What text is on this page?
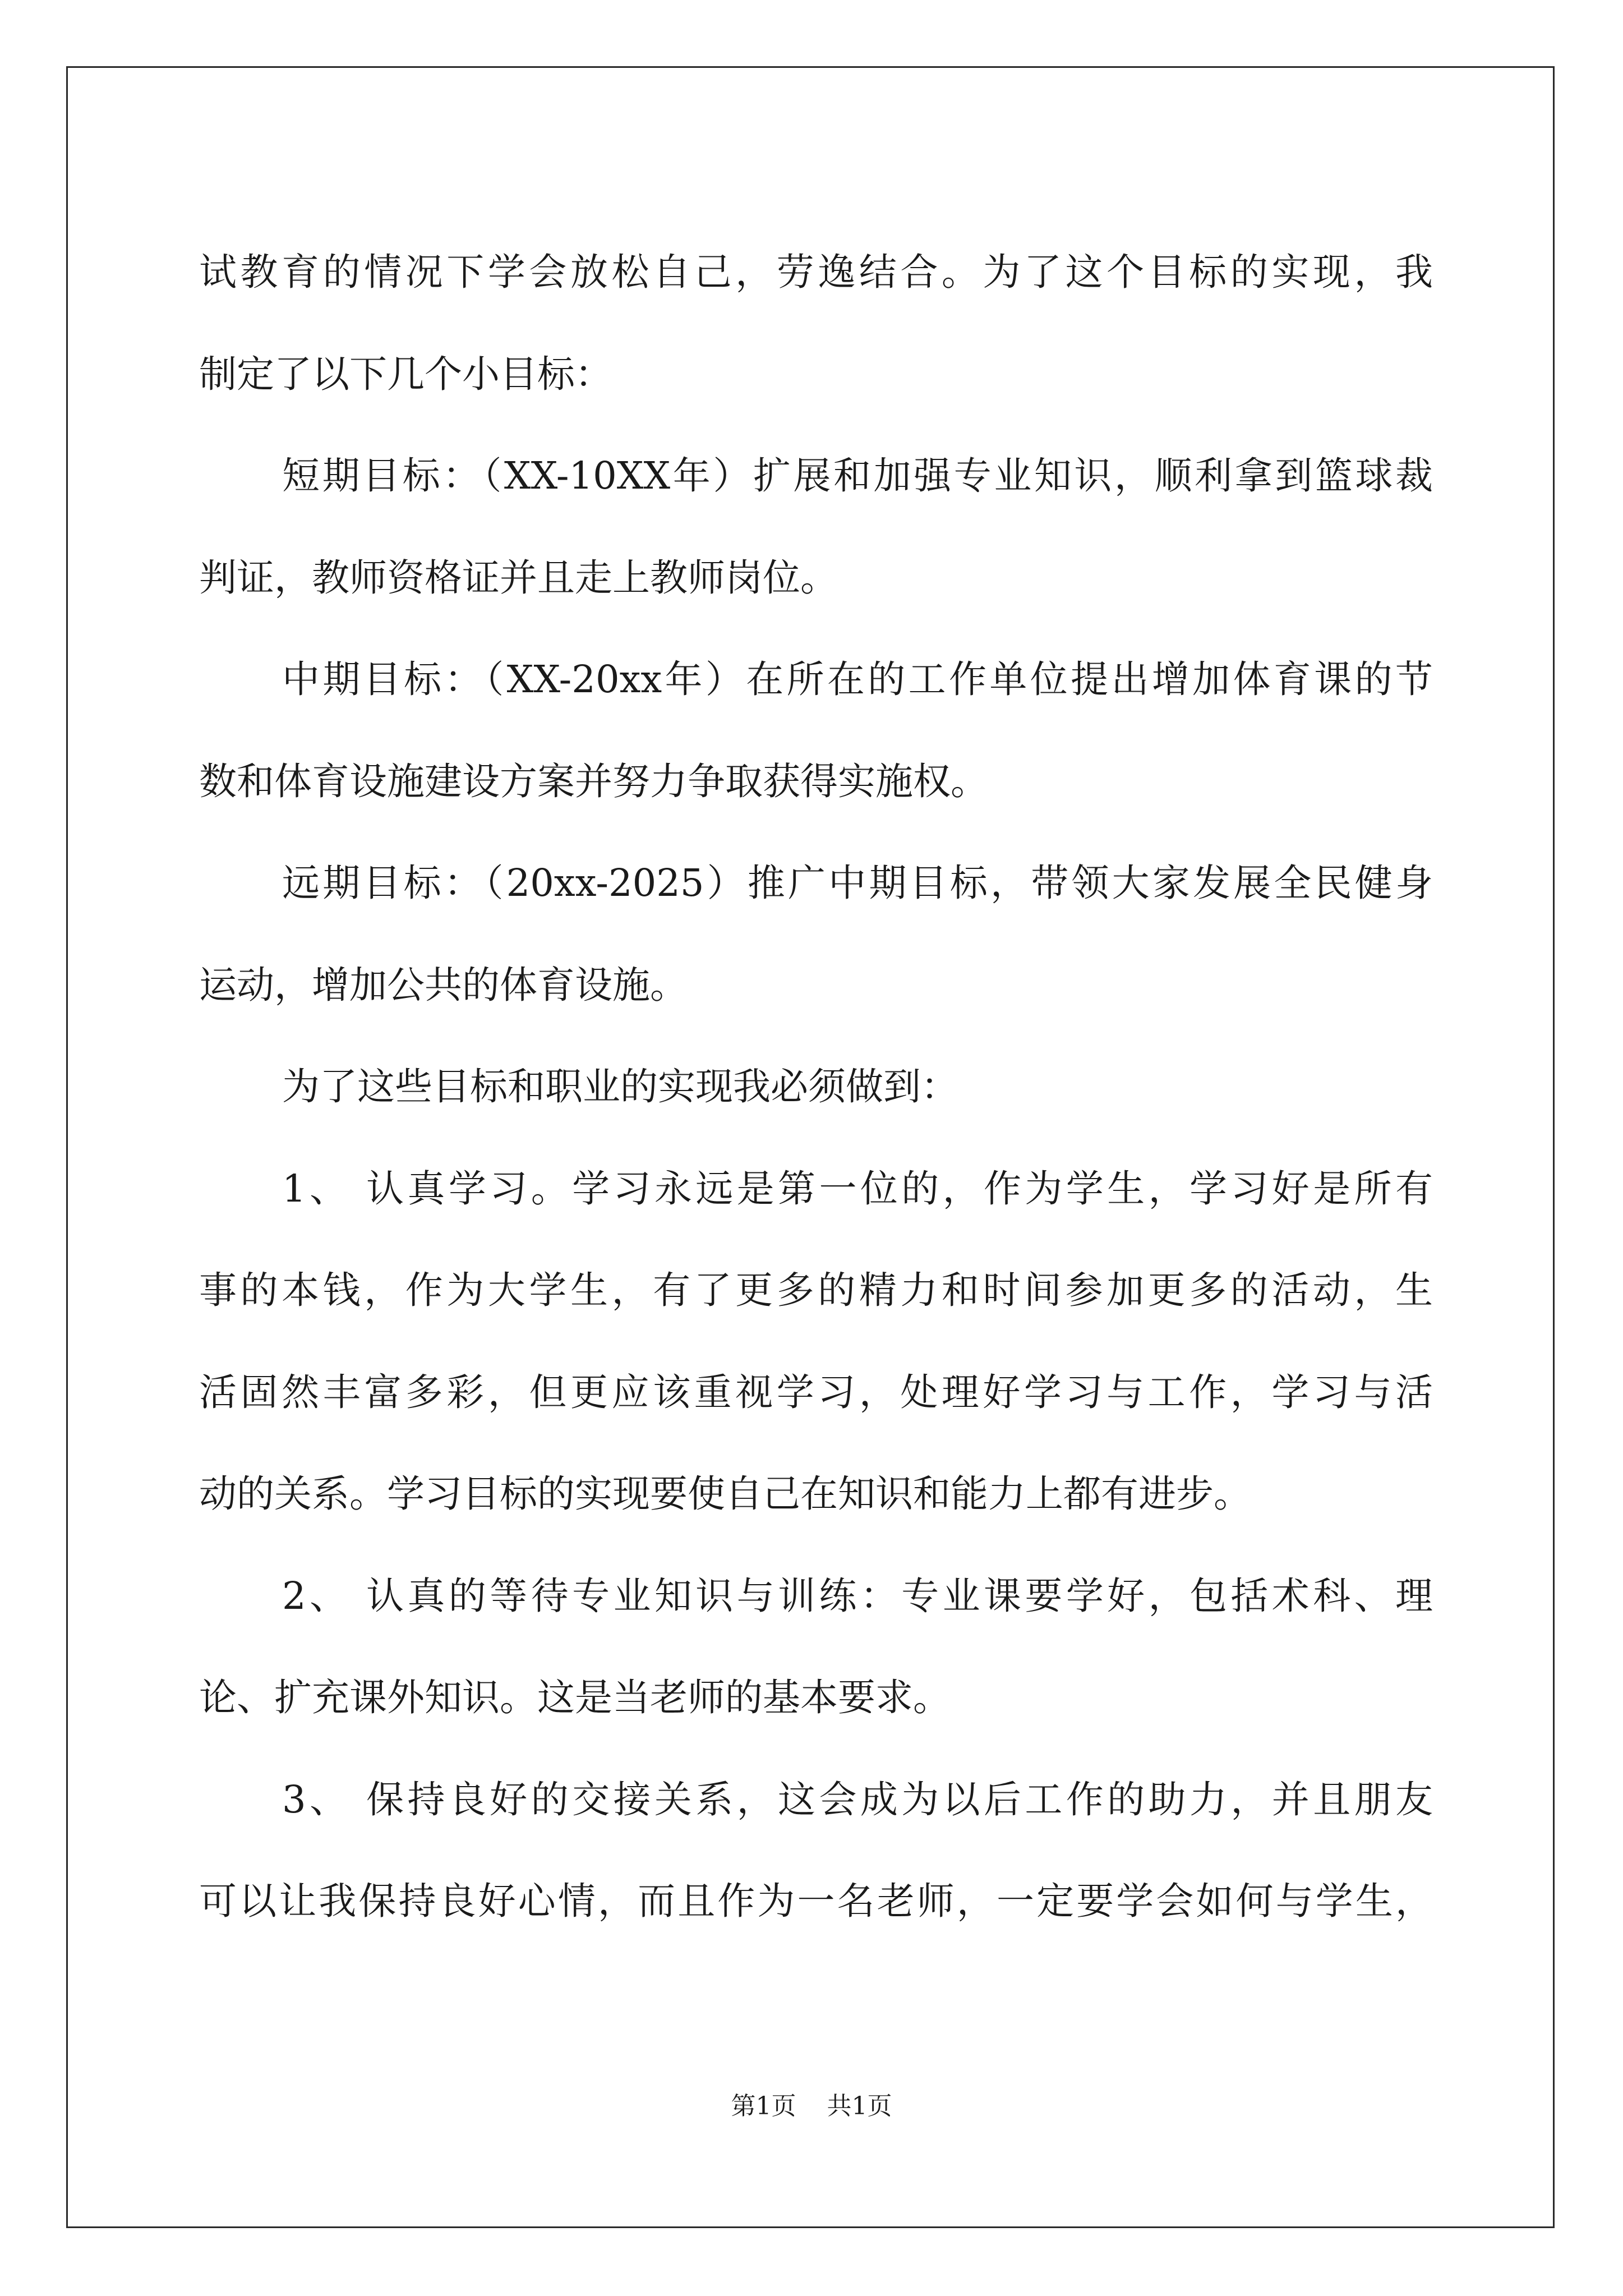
试教育的情况下学会放松自己，劳逸结合。为了这个目标的实现，我
制定了以下几个小目标：
短期目标：（XX-10XX年）扩展和加强专业知识，顺利拿到篮球裁
判证，教师资格证并且走上教师岗位。
中期目标：（XX-20xx年）在所在的工作单位提出增加体育课的节
数和体育设施建设方案并努力争取获得实施权。
远期目标：（20xx-2025）推广中期目标，带领大家发展全民健身
运动，增加公共的体育设施。
为了这些目标和职业的实现我必须做到：
1、 认真学习。学习永远是第一位的，作为学生，学习好是所有
事的本钱，作为大学生，有了更多的精力和时间参加更多的活动，生
活固然丰富多彩，但更应该重视学习，处理好学习与工作，学习与活
动的关系。学习目标的实现要使自己在知识和能力上都有进步。
2、 认真的等待专业知识与训练：专业课要学好，包括术科、理
论、扩充课外知识。这是当老师的基本要求。
3、 保持良好的交接关系，这会成为以后工作的助力，并且朋友
可以让我保持良好心情，而且作为一名老师，一定要学会如何与学生，
第1页 共1页
